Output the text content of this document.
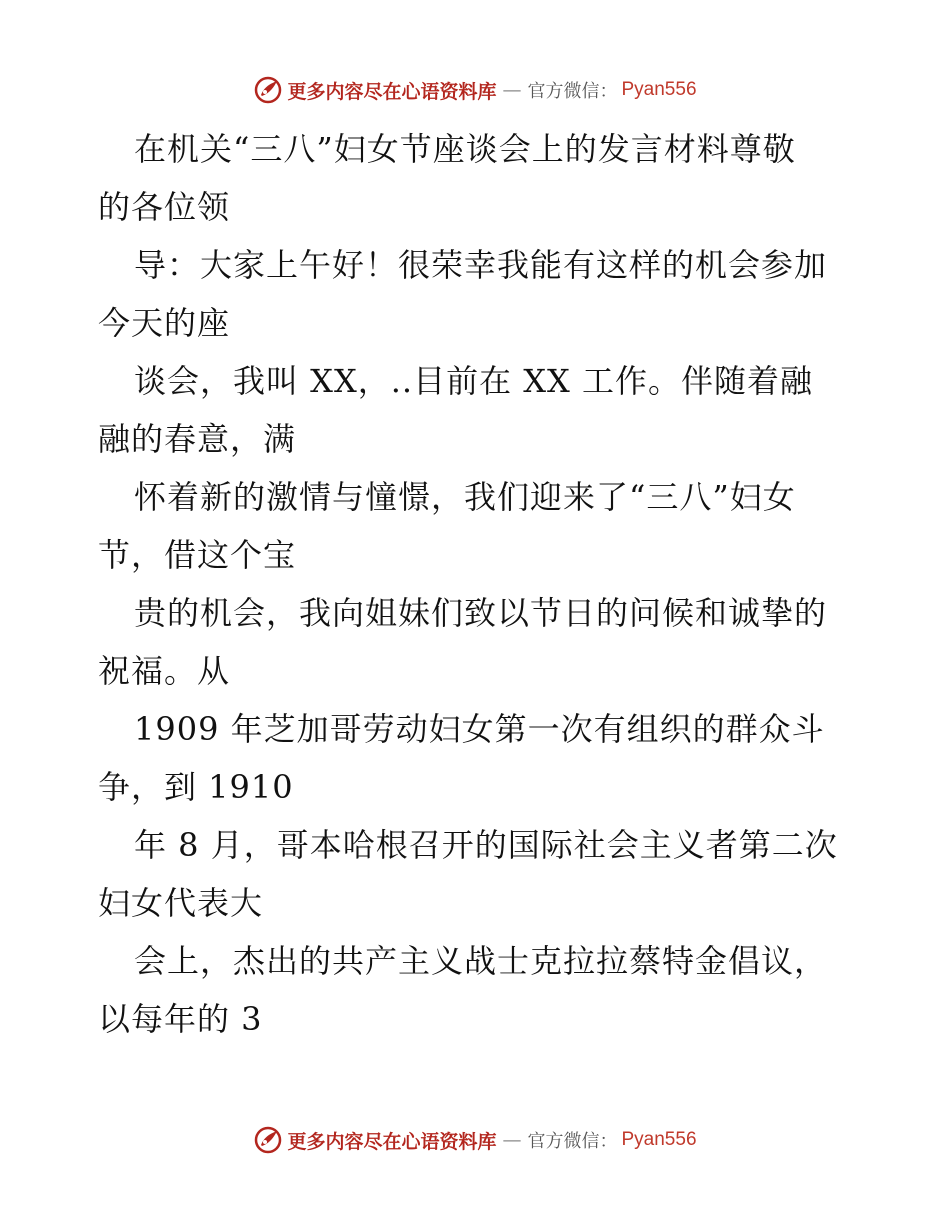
更多内容尽在心语资料库 — 官方微信： Pyan556
在机关“三八”妇女节座谈会上的发言材料尊敬
的各位领
导：大家上午好！很荣幸我能有这样的机会参加
今天的座
谈会，我叫 XX，..目前在 XX 工作。伴随着融
融的春意，满
怀着新的激情与憧憬，我们迎来了“三八”妇女
节，借这个宝
贵的机会，我向姐妹们致以节日的问候和诚挚的
祝福。从
1909 年芝加哥劳动妇女第一次有组织的群众斗
争，到 1910
年 8 月，哥本哈根召开的国际社会主义者第二次
妇女代表大
会上，杰出的共产主义战士克拉拉蔡特金倡议，
以每年的 3
更多内容尽在心语资料库 — 官方微信： Pyan556
